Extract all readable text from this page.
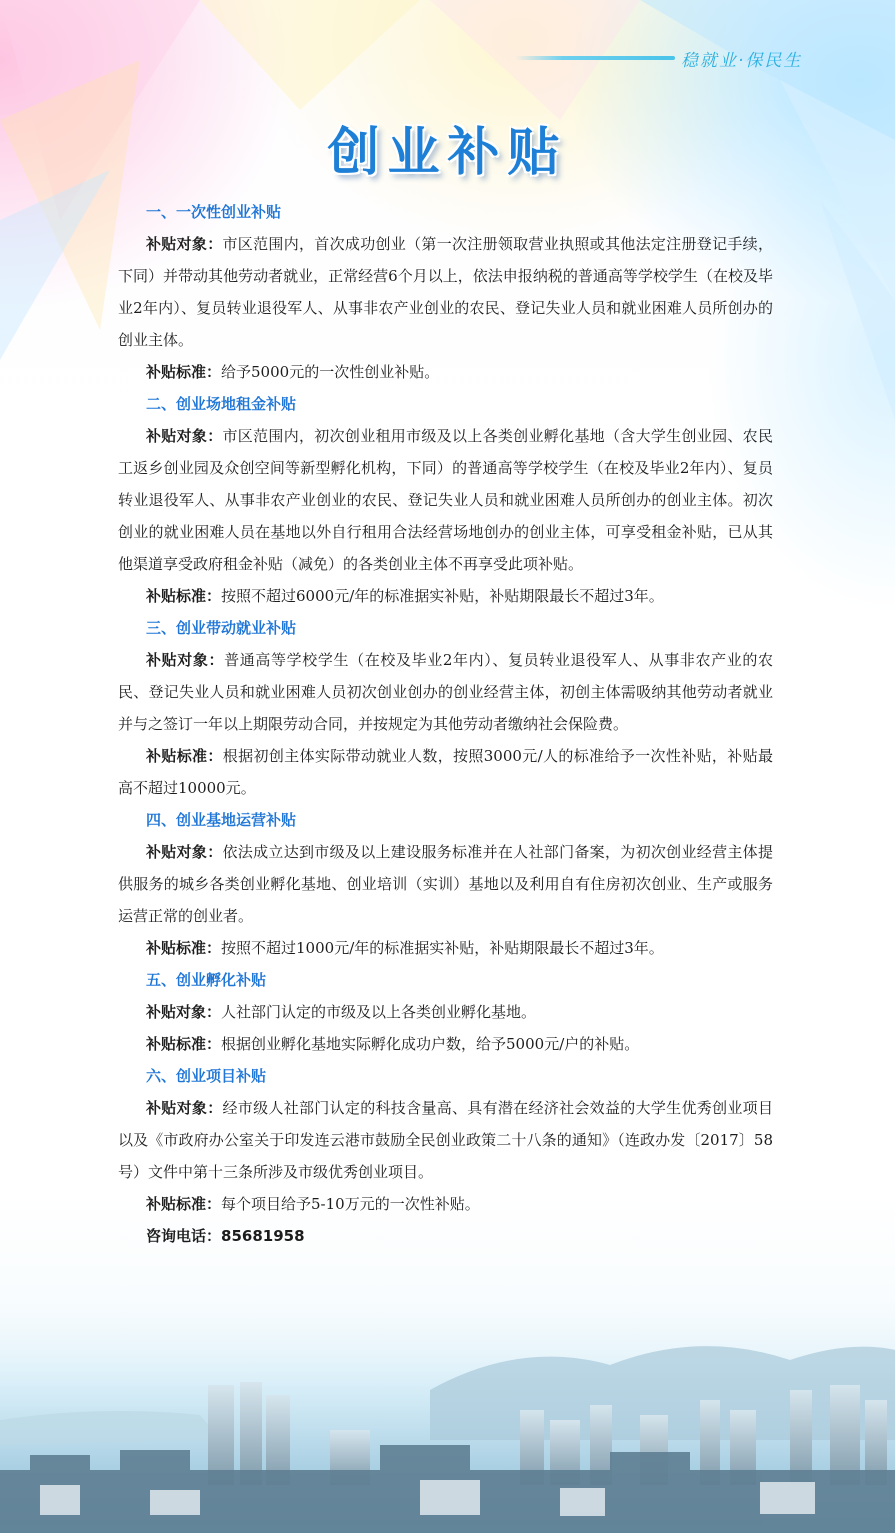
稳就业·保民生
创业补贴
一、一次性创业补贴

补贴对象：市区范围内，首次成功创业（第一次注册领取营业执照或其他法定注册登记手续，下同）并带动其他劳动者就业，正常经营6个月以上，依法申报纳税的普通高等学校学生（在校及毕业2年内）、复员转业退役军人、从事非农产业创业的农民、登记失业人员和就业困难人员所创办的创业主体。

补贴标准：给予5000元的一次性创业补贴。

二、创业场地租金补贴

补贴对象：市区范围内，初次创业租用市级及以上各类创业孵化基地（含大学生创业园、农民工返乡创业园及众创空间等新型孵化机构，下同）的普通高等学校学生（在校及毕业2年内）、复员转业退役军人、从事非农产业创业的农民、登记失业人员和就业困难人员所创办的创业主体。初次创业的就业困难人员在基地以外自行租用合法经营场地创办的创业主体，可享受租金补贴，已从其他渠道享受政府租金补贴（减免）的各类创业主体不再享受此项补贴。

补贴标准：按照不超过6000元/年的标准据实补贴，补贴期限最长不超过3年。

三、创业带动就业补贴

补贴对象：普通高等学校学生（在校及毕业2年内）、复员转业退役军人、从事非农产业的农民、登记失业人员和就业困难人员初次创业创办的创业经营主体，初创主体需吸纳其他劳动者就业并与之签订一年以上期限劳动合同，并按规定为其他劳动者缴纳社会保险费。

补贴标准：根据初创主体实际带动就业人数，按照3000元/人的标准给予一次性补贴，补贴最高不超过10000元。

四、创业基地运营补贴

补贴对象：依法成立达到市级及以上建设服务标准并在人社部门备案，为初次创业经营主体提供服务的城乡各类创业孵化基地、创业培训（实训）基地以及利用自有住房初次创业、生产或服务运营正常的创业者。

补贴标准：按照不超过1000元/年的标准据实补贴，补贴期限最长不超过3年。

五、创业孵化补贴

补贴对象：人社部门认定的市级及以上各类创业孵化基地。

补贴标准：根据创业孵化基地实际孵化成功户数，给予5000元/户的补贴。

六、创业项目补贴

补贴对象：经市级人社部门认定的科技含量高、具有潜在经济社会效益的大学生优秀创业项目以及《市政府办公室关于印发连云港市鼓励全民创业政策二十八条的通知》（连政办发〔2017〕58号）文件中第十三条所涉及市级优秀创业项目。

补贴标准：每个项目给予5-10万元的一次性补贴。

咨询电话：85681958
